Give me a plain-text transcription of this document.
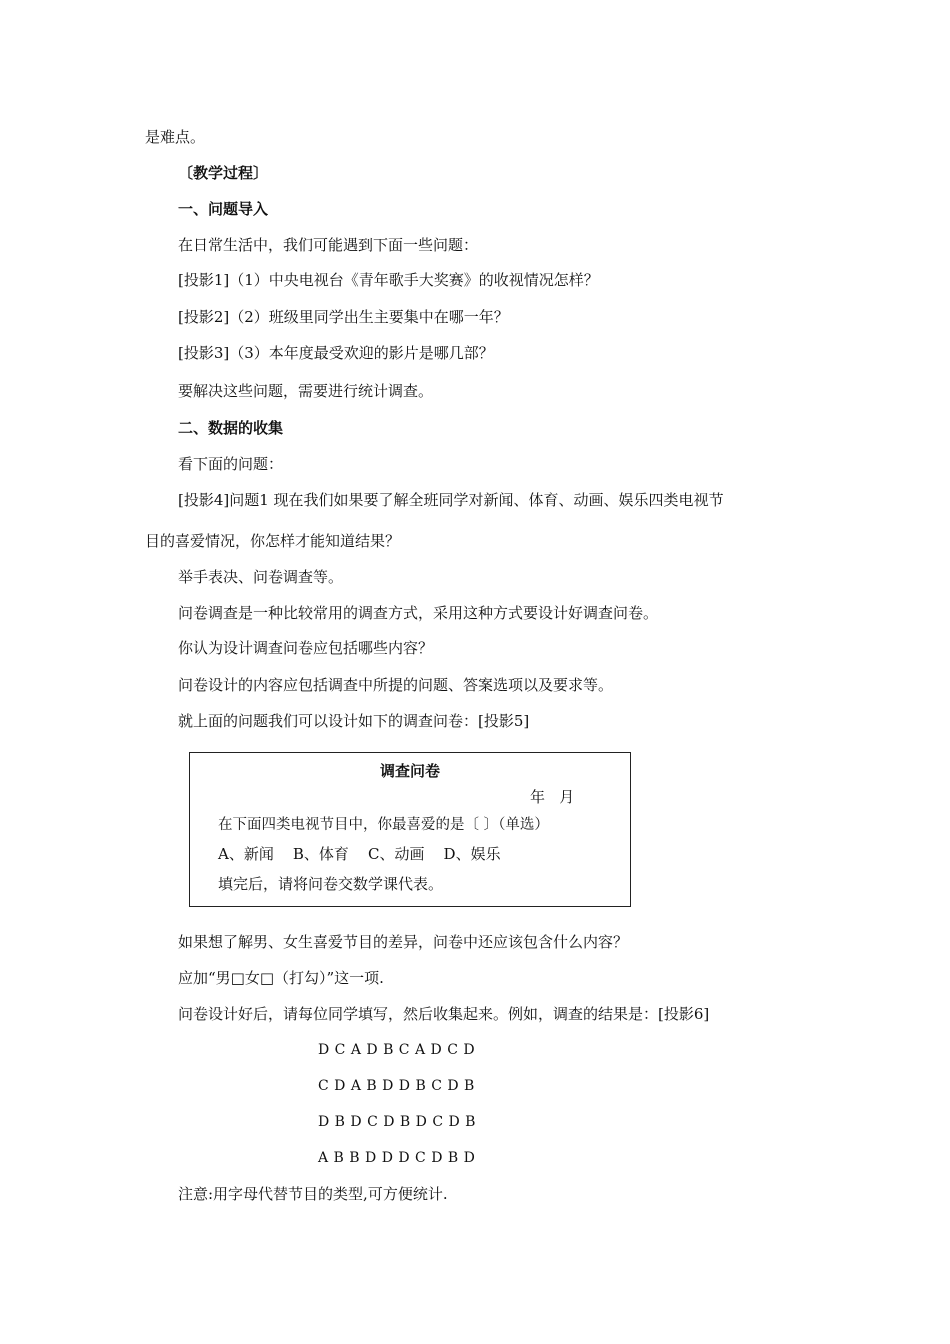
是难点。
〔教学过程〕
一、问题导入
在日常生活中，我们可能遇到下面一些问题：
[投影1]（1）中央电视台《青年歌手大奖赛》的收视情况怎样？
[投影2]（2）班级里同学出生主要集中在哪一年？
[投影3]（3）本年度最受欢迎的影片是哪几部？
要解决这些问题，需要进行统计调查。
二、数据的收集
看下面的问题：
[投影4]问题1 现在我们如果要了解全班同学对新闻、体育、动画、娱乐四类电视节
目的喜爱情况，你怎样才能知道结果？
举手表决、问卷调查等。
问卷调查是一种比较常用的调查方式，采用这种方式要设计好调查问卷。
你认为设计调查问卷应包括哪些内容？
问卷设计的内容应包括调查中所提的问题、答案选项以及要求等。
就上面的问题我们可以设计如下的调查问卷：[投影5]
调查问卷
年   月
在下面四类电视节目中，你最喜爱的是〔 〕（单选）
A、新闻    B、体育    C、动画    D、娱乐
填完后，请将问卷交数学课代表。
如果想了解男、女生喜爱节目的差异，问卷中还应该包含什么内容？
应加“男□女□（打勾）”这一项.
问卷设计好后，请每位同学填写，然后收集起来。例如，调查的结果是：[投影6]
D C A D B C A D C D
C D A B D D B C D B
D B D C D B D C D B
A B B D D D C D B D
注意:用字母代替节目的类型,可方便统计.
